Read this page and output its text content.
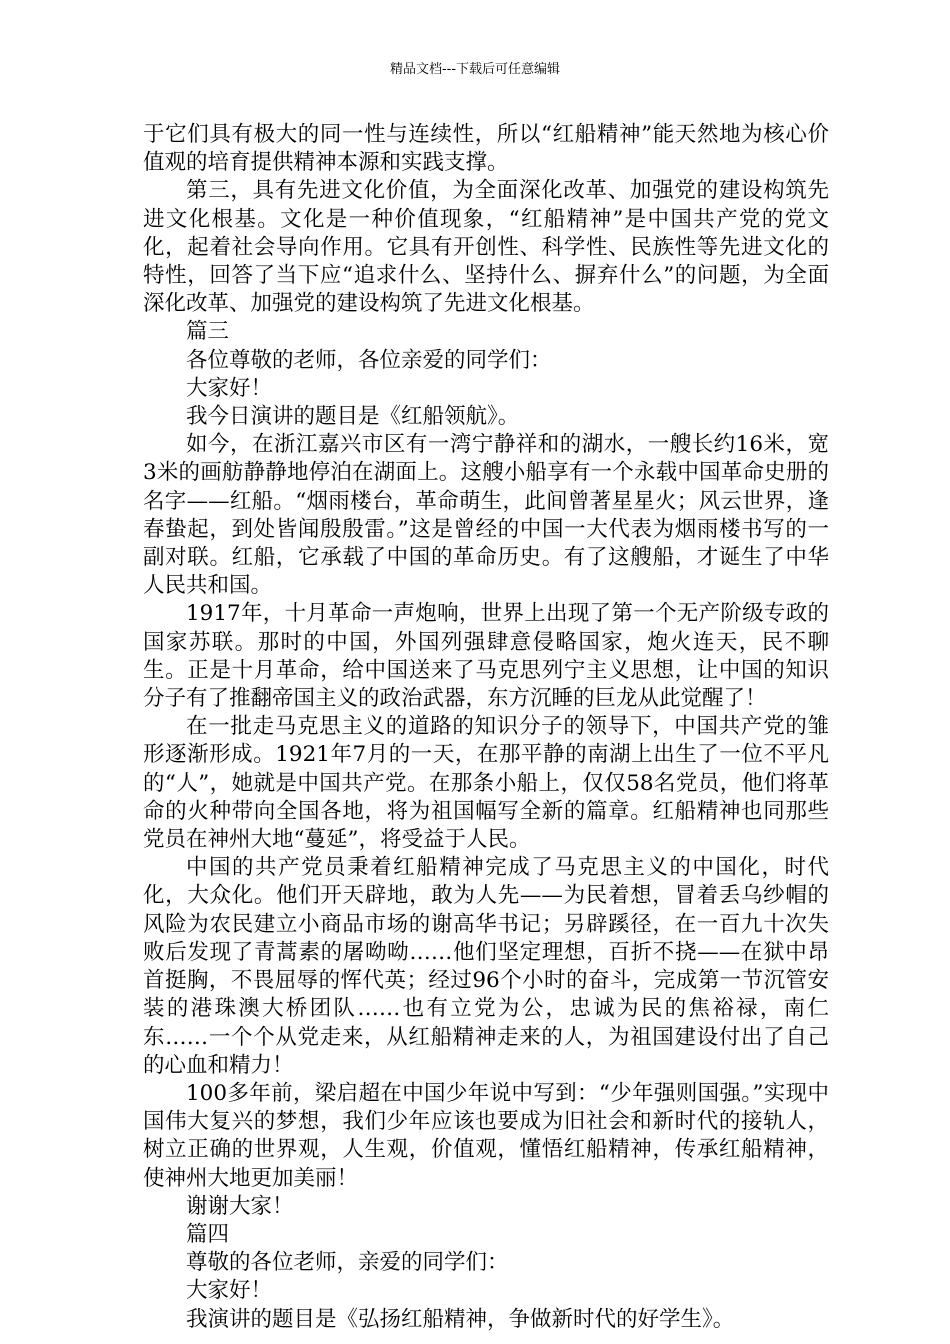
精品文档---下载后可任意编辑

于它们具有极大的同一性与连续性，所以“红船精神”能天然地为核心价值观的培育提供精神本源和实践支撑。

第三，具有先进文化价值，为全面深化改革、加强党的建设构筑先进文化根基。文化是一种价值现象，“红船精神”是中国共产党的党文化，起着社会导向作用。它具有开创性、科学性、民族性等先进文化的特性，回答了当下应“追求什么、坚持什么、摒弃什么”的问题，为全面深化改革、加强党的建设构筑了先进文化根基。

篇三

各位尊敬的老师，各位亲爱的同学们：

大家好！

我今日演讲的题目是《红船领航》。

如今，在浙江嘉兴市区有一湾宁静祥和的湖水，一艘长约16米，宽3米的画舫静静地停泊在湖面上。这艘小船享有一个永载中国革命史册的名字——红船。“烟雨楼台，革命萌生，此间曾著星星火；风云世界，逢春蛰起，到处皆闻殷殷雷。”这是曾经的中国一大代表为烟雨楼书写的一副对联。红船，它承载了中国的革命历史。有了这艘船，才诞生了中华人民共和国。

1917年，十月革命一声炮响，世界上出现了第一个无产阶级专政的国家苏联。那时的中国，外国列强肆意侵略国家，炮火连天，民不聊生。正是十月革命，给中国送来了马克思列宁主义思想，让中国的知识分子有了推翻帝国主义的政治武器，东方沉睡的巨龙从此觉醒了！

在一批走马克思主义的道路的知识分子的领导下，中国共产党的雏形逐渐形成。1921年7月的一天，在那平静的南湖上出生了一位不平凡的“人”，她就是中国共产党。在那条小船上，仅仅58名党员，他们将革命的火种带向全国各地，将为祖国幅写全新的篇章。红船精神也同那些党员在神州大地“蔓延”，将受益于人民。

中国的共产党员秉着红船精神完成了马克思主义的中国化，时代化，大众化。他们开天辟地，敢为人先——为民着想，冒着丢乌纱帽的风险为农民建立小商品市场的谢高华书记；另辟蹊径，在一百九十次失败后发现了青蒿素的屠呦呦……他们坚定理想，百折不挠——在狱中昂首挺胸，不畏屈辱的恽代英；经过96个小时的奋斗，完成第一节沉管安装的港珠澳大桥团队……也有立党为公，忠诚为民的焦裕禄，南仁东……一个个从党走来，从红船精神走来的人，为祖国建设付出了自己的心血和精力！

100多年前，梁启超在中国少年说中写到：“少年强则国强。”实现中国伟大复兴的梦想，我们少年应该也要成为旧社会和新时代的接轨人，树立正确的世界观，人生观，价值观，懂悟红船精神，传承红船精神，使神州大地更加美丽！

谢谢大家！

篇四

尊敬的各位老师，亲爱的同学们：

大家好！

我演讲的题目是《弘扬红船精神，争做新时代的好学生》。
